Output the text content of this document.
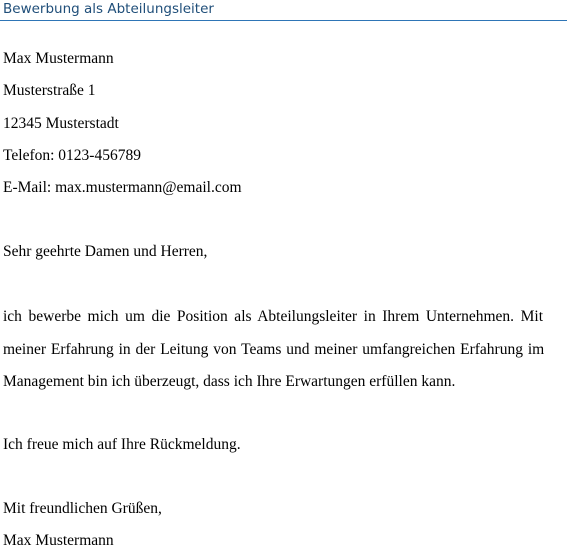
Bewerbung als Abteilungsleiter
Max Mustermann
Musterstraße 1
12345 Musterstadt
Telefon: 0123-456789
E-Mail: max.mustermann@email.com
Sehr geehrte Damen und Herren,
ich bewerbe mich um die Position als Abteilungsleiter in Ihrem Unternehmen. Mit
meiner Erfahrung in der Leitung von Teams und meiner umfangreichen Erfahrung im
Management bin ich überzeugt, dass ich Ihre Erwartungen erfüllen kann.
Ich freue mich auf Ihre Rückmeldung.
Mit freundlichen Grüßen,
Max Mustermann
